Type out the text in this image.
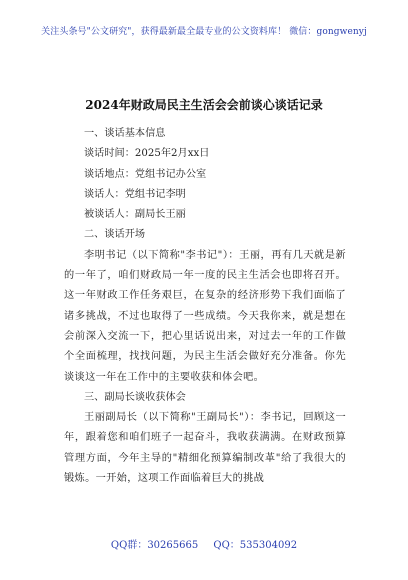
关注头条号"公文研究"，获得最新最全最专业的公文资料库！ 微信：gongwenyj
2024年财政局民主生活会会前谈心谈话记录
一、谈话基本信息
谈话时间：2025年2月xx日
谈话地点：党组书记办公室
谈话人：党组书记李明
被谈话人：副局长王丽
二、谈话开场
李明书记（以下简称"李书记"）：王丽，再有几天就是新的一年了，咱们财政局一年一度的民主生活会也即将召开。这一年财政工作任务艰巨，在复杂的经济形势下我们面临了诸多挑战，不过也取得了一些成绩。今天我你来，就是想在会前深入交流一下，把心里话说出来，对过去一年的工作做个全面梳理，找找问题，为民主生活会做好充分准备。你先谈谈这一年在工作中的主要收获和体会吧。
三、副局长谈收获体会
王丽副局长（以下简称"王副局长"）：李书记，回顾这一年，跟着您和咱们班子一起奋斗，我收获满满。在财政预算管理方面，今年主导的"精细化预算编制改革"给了我很大的锻炼。一开始，这项工作面临着巨大的挑战
QQ群：30265665 QQ：535304092
